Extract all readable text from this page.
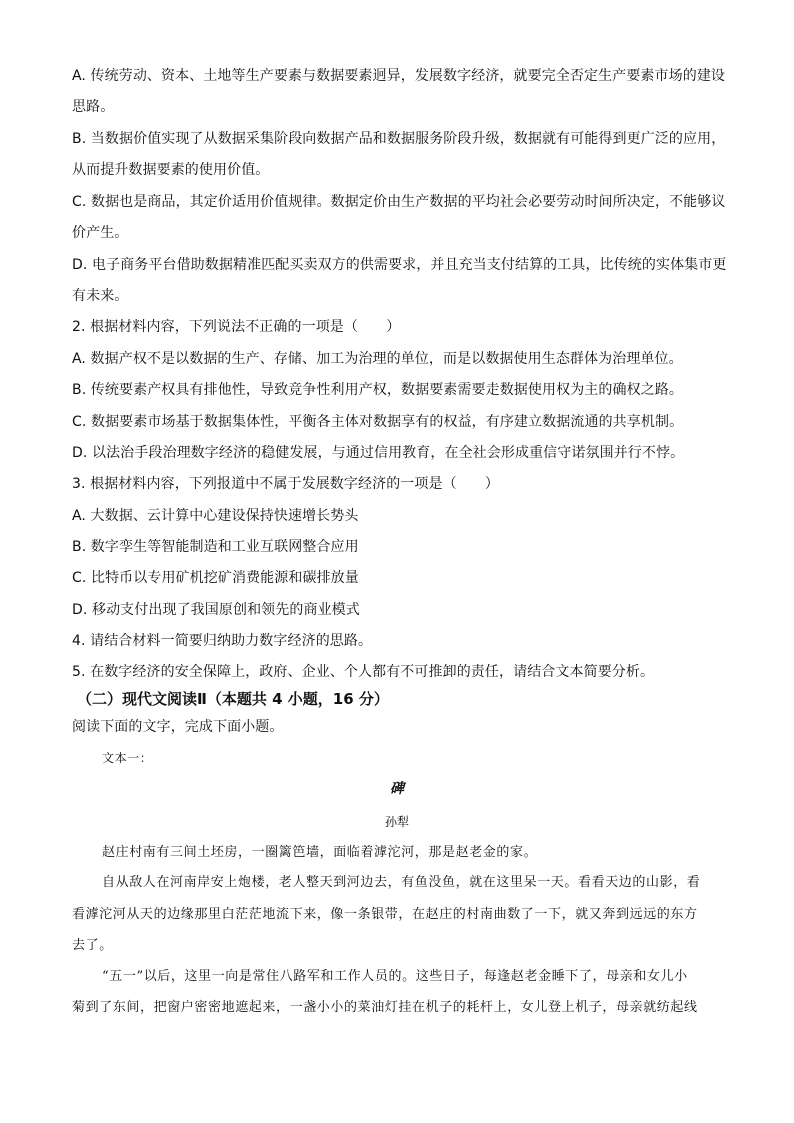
A. 传统劳动、资本、土地等生产要素与数据要素迥异，发展数字经济，就要完全否定生产要素市场的建设
思路。
B. 当数据价值实现了从数据采集阶段向数据产品和数据服务阶段升级，数据就有可能得到更广泛的应用，
从而提升数据要素的使用价值。
C. 数据也是商品，其定价适用价值规律。数据定价由生产数据的平均社会必要劳动时间所决定，不能够议
价产生。
D. 电子商务平台借助数据精准匹配买卖双方的供需要求，并且充当支付结算的工具，比传统的实体集市更
有未来。
2. 根据材料内容，下列说法不正确的一项是（　　）
A. 数据产权不是以数据的生产、存储、加工为治理的单位，而是以数据使用生态群体为治理单位。
B. 传统要素产权具有排他性，导致竞争性利用产权，数据要素需要走数据使用权为主的确权之路。
C. 数据要素市场基于数据集体性，平衡各主体对数据享有的权益，有序建立数据流通的共享机制。
D. 以法治手段治理数字经济的稳健发展，与通过信用教育，在全社会形成重信守诺氛围并行不悖。
3. 根据材料内容，下列报道中不属于发展数字经济的一项是（　　）
A. 大数据、云计算中心建设保持快速增长势头
B. 数字孪生等智能制造和工业互联网整合应用
C. 比特币以专用矿机挖矿消费能源和碳排放量
D. 移动支付出现了我国原创和领先的商业模式
4. 请结合材料一简要归纳助力数字经济的思路。
5. 在数字经济的安全保障上，政府、企业、个人都有不可推卸的责任，请结合文本简要分析。
（二）现代文阅读Ⅱ（本题共 4 小题，16 分）
阅读下面的文字，完成下面小题。
文本一：
碑
孙犁
赵庄村南有三间土坯房，一圈篱笆墙，面临着滹沱河，那是赵老金的家。
自从敌人在河南岸安上炮楼，老人整天到河边去，有鱼没鱼，就在这里呆一天。看看天边的山影，看
看滹沱河从天的边缘那里白茫茫地流下来，像一条银带，在赵庄的村南曲数了一下，就又奔到远远的东方
去了。
“五一”以后，这里一向是常住八路军和工作人员的。这些日子，每逢赵老金睡下了，母亲和女儿小
菊到了东间，把窗户密密地遮起来，一盏小小的菜油灯挂在机子的耗杆上，女儿登上机子，母亲就纺起线
